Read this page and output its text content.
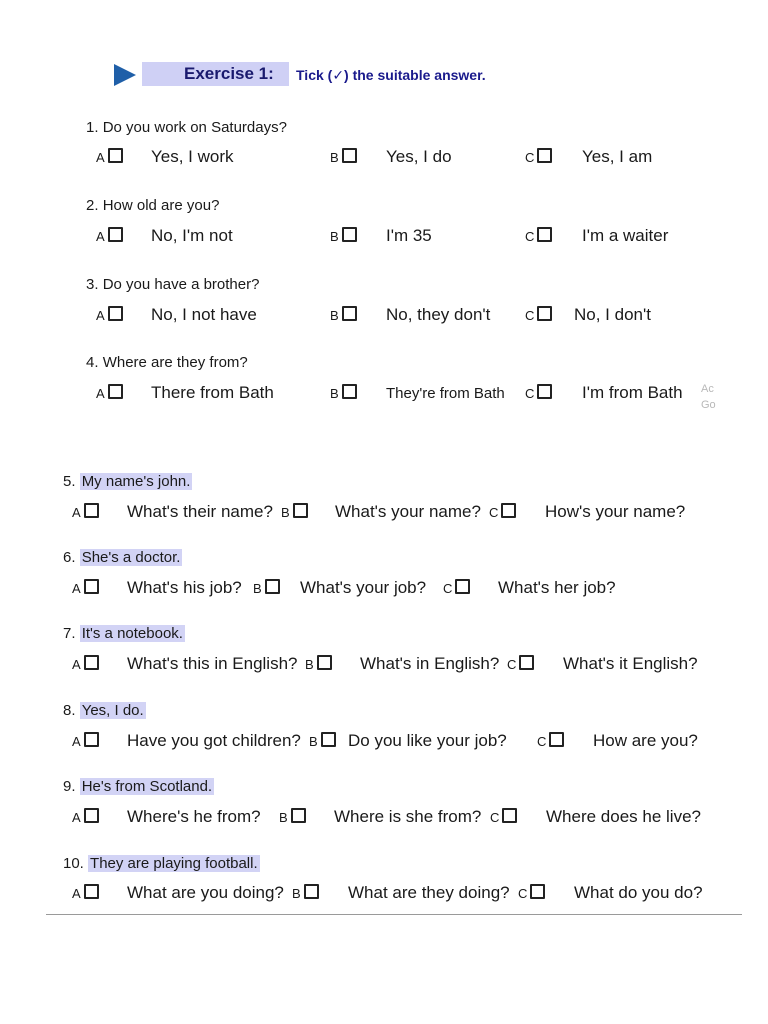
Exercise 1: Tick (✓) the suitable answer.
1. Do you work on Saturdays?
A	Yes, I work	B	Yes, I do	C	Yes, I am
2. How old are you?
A	No, I'm not	B	I'm 35	C	I'm a waiter
3. Do you have a brother?
A	No, I not have	B	No, they don't	C	No, I don't
4. Where are they from?
A	There from Bath	B	They're from Bath C	I'm from Bath Ac
Go
5. My name's john.
A	What's their name? B	What's your name? C	How's your name?
6. She's a doctor.
A	What's his job? B	What's your job? C	What's her job?
7. It's a notebook.
A	What's this in English? B	What's in English? C	What's it English?
8. Yes, I do.
A	Have you got children? B	Do you like your job? C	How are you?
9. He's from Scotland.
A	Where's he from? B	Where is she from? C	Where does he live?
10. They are playing football.
A	What are you doing? B	What are they doing? C	What do you do?
